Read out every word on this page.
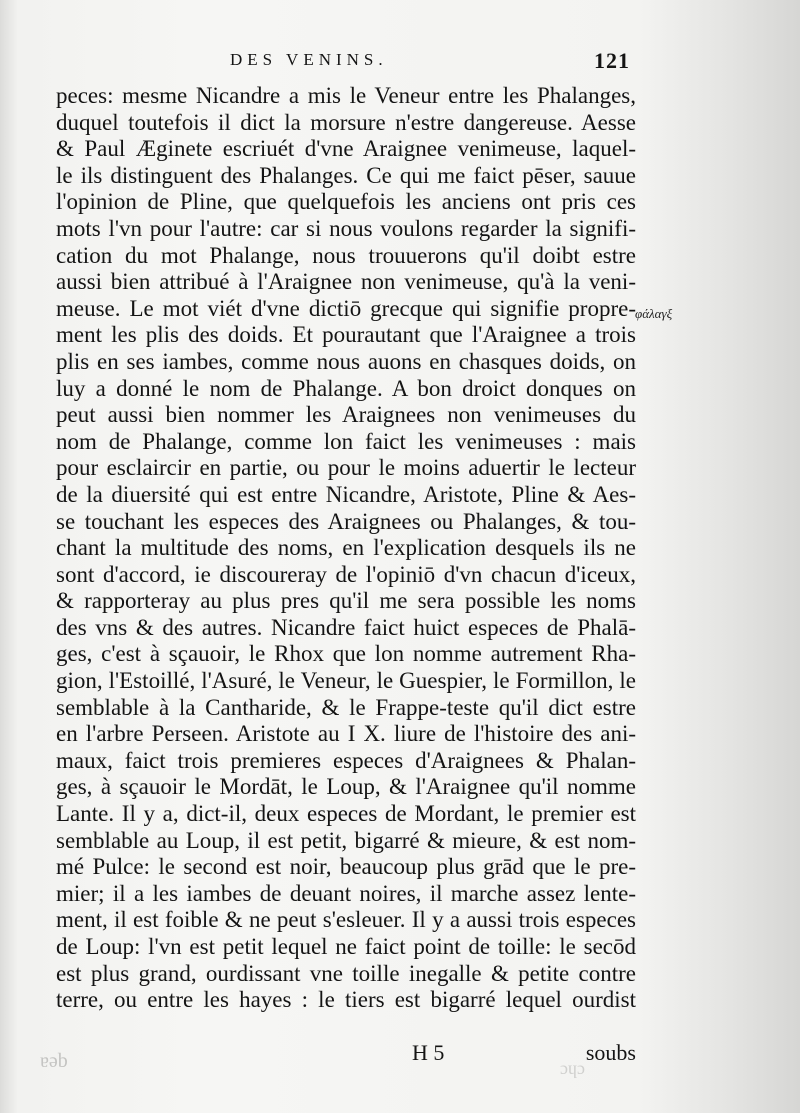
DES VENINS.	121
peces: mesme Nicandre a mis le Veneur entre les Phalanges,
duquel toutefois il dict la morsure n'estre dangereuse. Aesse
& Paul Æginete escriuét d'vne Araignee venimeuse, laquel-
le ils distinguent des Phalanges. Ce qui me faict pēser, sauue
l'opinion de Pline, que quelquefois les anciens ont pris ces
mots l'vn pour l'autre: car si nous voulons regarder la signifi-
cation du mot Phalange, nous trouuerons qu'il doibt estre
aussi bien attribué à l'Araignee non venimeuse, qu'à la veni-
meuse. Le mot viét d'vne dictiō grecque qui signifie propre-
ment les plis des doids. Et pourautant que l'Araignee a trois
plis en ses iambes, comme nous auons en chasques doids, on
luy a donné le nom de Phalange. A bon droict donques on
peut aussi bien nommer les Araignees non venimeuses du
nom de Phalange, comme lon faict les venimeuses : mais
pour esclaircir en partie, ou pour le moins aduertir le lecteur
de la diuersité qui est entre Nicandre, Aristote, Pline & Aes-
se touchant les especes des Araignees ou Phalanges, & tou-
chant la multitude des noms, en l'explication desquels ils ne
sont d'accord, ie discoureray de l'opiniō d'vn chacun d'iceux,
& rapporteray au plus pres qu'il me sera possible les noms
des vns & des autres. Nicandre faict huict especes de Phalā-
ges, c'est à sçauoir, le Rhox que lon nomme autrement Rha-
gion, l'Estoillé, l'Asuré, le Veneur, le Guespier, le Formillon, le
semblable à la Cantharide, & le Frappe-teste qu'il dict estre
en l'arbre Perseen. Aristote au I X. liure de l'histoire des ani-
maux, faict trois premieres especes d'Araignees & Phalan-
ges, à sçauoir le Mordāt, le Loup, & l'Araignee qu'il nomme
Lante. Il y a, dict-il, deux especes de Mordant, le premier est
semblable au Loup, il est petit, bigarré & mieure, & est nom-
mé Pulce: le second est noir, beaucoup plus grād que le pre-
mier; il a les iambes de deuant noires, il marche assez lente-
ment, il est foible & ne peut s'esleuer. Il y a aussi trois especes
de Loup: l'vn est petit lequel ne faict point de toille: le secōd
est plus grand, ourdissant vne toille inegalle & petite contre
terre, ou entre les hayes : le tiers est bigarré lequel ourdist
φάλαγξ
H 5	soubs
ɐəb	ɔɥɔ
